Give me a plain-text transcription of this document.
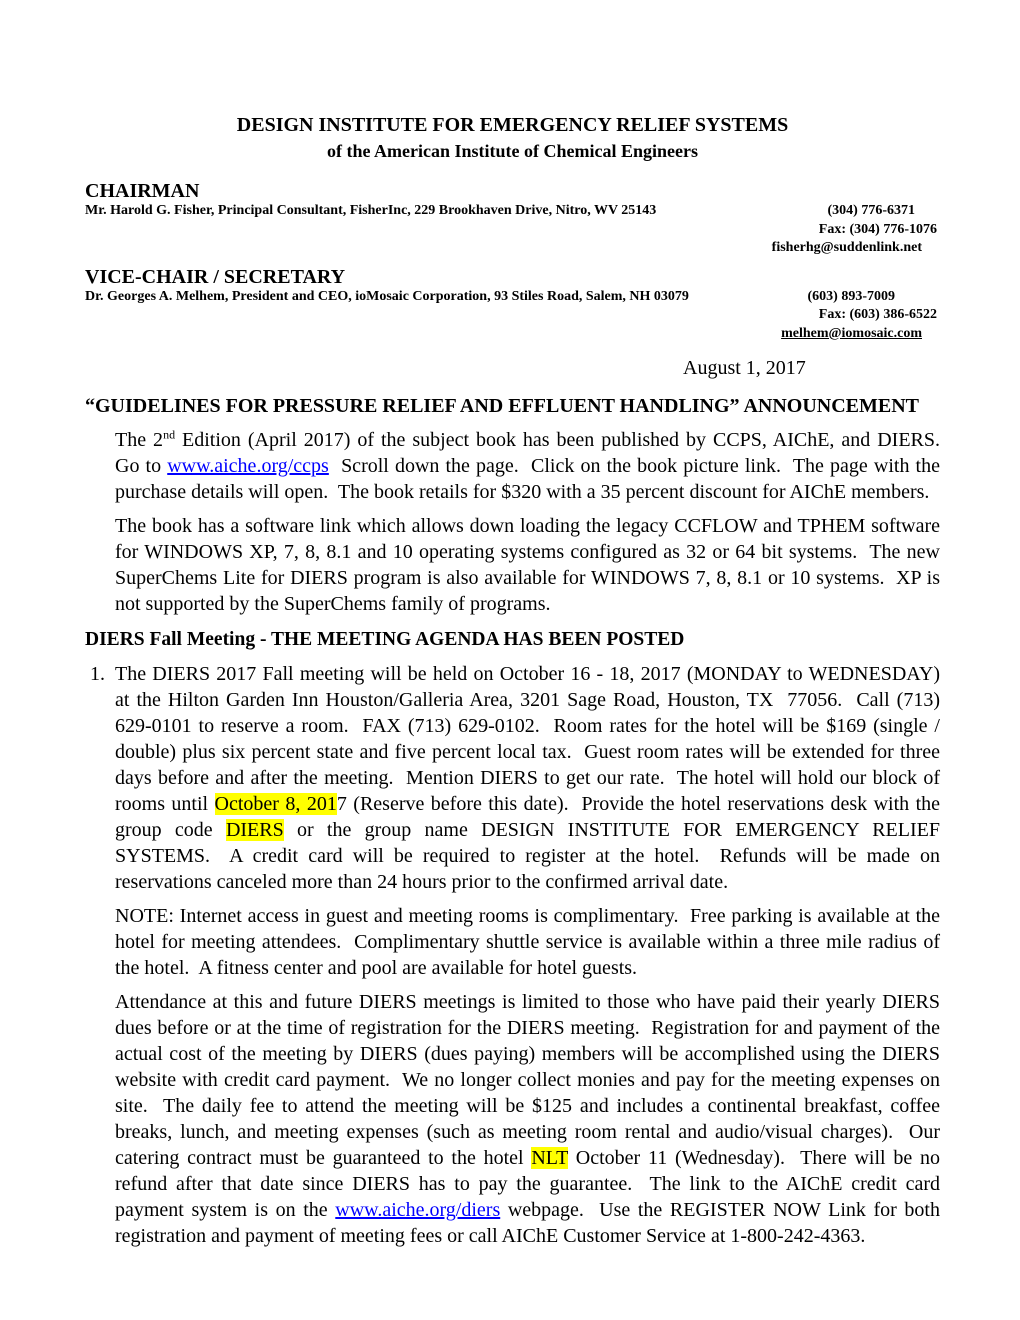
DESIGN INSTITUTE FOR EMERGENCY RELIEF SYSTEMS
of the American Institute of Chemical Engineers
CHAIRMAN
Mr. Harold G. Fisher, Principal Consultant, FisherInc, 229 Brookhaven Drive, Nitro, WV 25143	(304) 776-6371
Fax: (304) 776-1076
fisherhg@suddenlink.net
VICE-CHAIR / SECRETARY
Dr. Georges A. Melhem, President and CEO, ioMosaic Corporation, 93 Stiles Road, Salem, NH 03079	(603) 893-7009
Fax: (603) 386-6522
melhem@iomosaic.com
August 1, 2017
“GUIDELINES FOR PRESSURE RELIEF AND EFFLUENT HANDLING” ANNOUNCEMENT

The 2nd Edition (April 2017) of the subject book has been published by CCPS, AIChE, and DIERS.  Go to www.aiche.org/ccps  Scroll down the page.  Click on the book picture link.  The page with the purchase details will open.  The book retails for $320 with a 35 percent discount for AIChE members.

The book has a software link which allows down loading the legacy CCFLOW and TPHEM software for WINDOWS XP, 7, 8, 8.1 and 10 operating systems configured as 32 or 64 bit systems.  The new SuperChems Lite for DIERS program is also available for WINDOWS 7, 8, 8.1 or 10 systems.  XP is not supported by the SuperChems family of programs.

DIERS Fall Meeting - THE MEETING AGENDA HAS BEEN POSTED
1. The DIERS 2017 Fall meeting will be held on October 16 - 18, 2017 (MONDAY to WEDNESDAY) at the Hilton Garden Inn Houston/Galleria Area, 3201 Sage Road, Houston, TX  77056.  Call (713) 629-0101 to reserve a room.  FAX (713) 629-0102.  Room rates for the hotel will be $169 (single / double) plus six percent state and five percent local tax.  Guest room rates will be extended for three days before and after the meeting.  Mention DIERS to get our rate.  The hotel will hold our block of rooms until October 8, 2017 (Reserve before this date).  Provide the hotel reservations desk with the group code DIERS or the group name DESIGN INSTITUTE FOR EMERGENCY RELIEF SYSTEMS.  A credit card will be required to register at the hotel.  Refunds will be made on reservations canceled more than 24 hours prior to the confirmed arrival date.

NOTE: Internet access in guest and meeting rooms is complimentary.  Free parking is available at the hotel for meeting attendees.  Complimentary shuttle service is available within a three mile radius of the hotel.  A fitness center and pool are available for hotel guests.

Attendance at this and future DIERS meetings is limited to those who have paid their yearly DIERS dues before or at the time of registration for the DIERS meeting.  Registration for and payment of the actual cost of the meeting by DIERS (dues paying) members will be accomplished using the DIERS website with credit card payment.  We no longer collect monies and pay for the meeting expenses on site.  The daily fee to attend the meeting will be $125 and includes a continental breakfast, coffee breaks, lunch, and meeting expenses (such as meeting room rental and audio/visual charges).  Our catering contract must be guaranteed to the hotel NLT October 11 (Wednesday).  There will be no refund after that date since DIERS has to pay the guarantee.  The link to the AIChE credit card payment system is on the www.aiche.org/diers webpage.  Use the REGISTER NOW Link for both registration and payment of meeting fees or call AIChE Customer Service at 1-800-242-4363.
